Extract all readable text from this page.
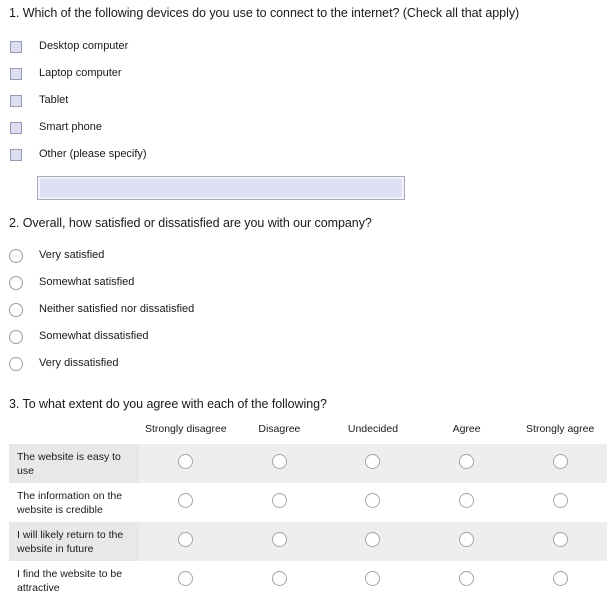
1. Which of the following devices do you use to connect to the internet? (Check all that apply)
Desktop computer
Laptop computer
Tablet
Smart phone
Other (please specify)
2. Overall, how satisfied or dissatisfied are you with our company?
Very satisfied
Somewhat satisfied
Neither satisfied nor dissatisfied
Somewhat dissatisfied
Very dissatisfied
3. To what extent do you agree with each of the following?
	Strongly disagree	Disagree	Undecided	Agree	Strongly agree
The website is easy to use					
The information on the website is credible					
I will likely return to the website in future					
I find the website to be attractive					
